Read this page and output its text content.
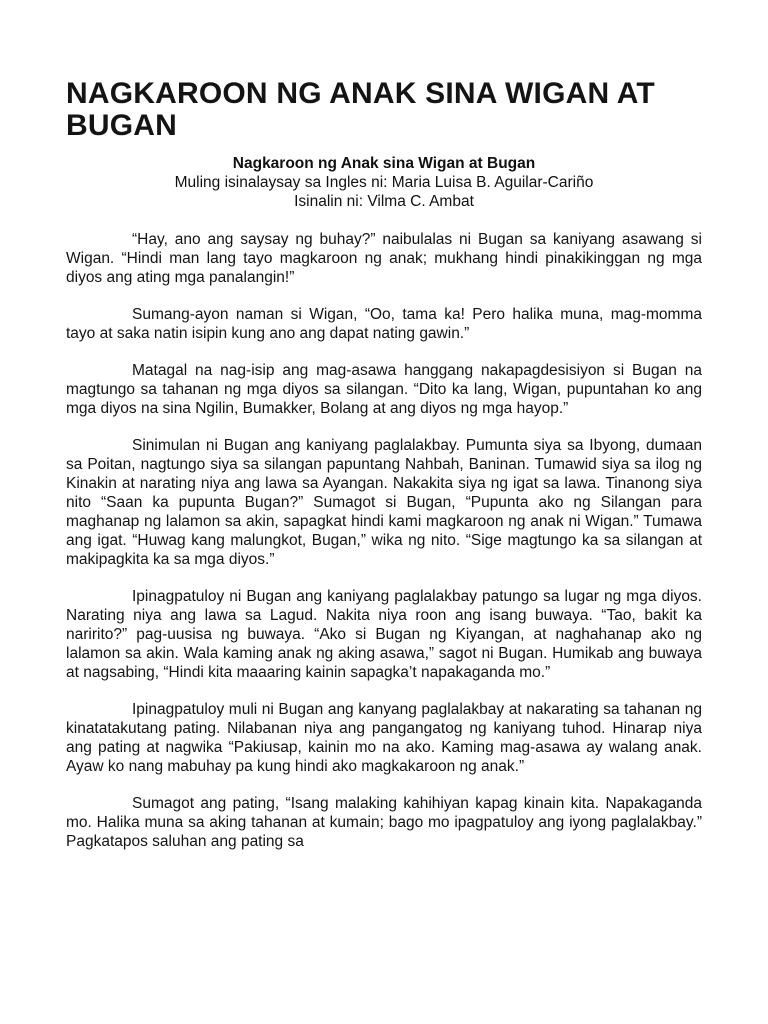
NAGKAROON NG ANAK SINA WIGAN AT BUGAN
Nagkaroon ng Anak sina Wigan at Bugan
Muling isinalaysay sa Ingles ni: Maria Luisa B. Aguilar-Cariño
Isinalin ni: Vilma C. Ambat

“Hay, ano ang saysay ng buhay?” naibulalas ni Bugan sa kaniyang asawang si Wigan. “Hindi man lang tayo magkaroon ng anak; mukhang hindi pinakikinggan ng mga diyos ang ating mga panalangin!”

Sumang-ayon naman si Wigan, “Oo, tama ka! Pero halika muna, mag-momma tayo at saka natin isipin kung ano ang dapat nating gawin.”

Matagal na nag-isip ang mag-asawa hanggang nakapagdesisiyon si Bugan na magtungo sa tahanan ng mga diyos sa silangan. “Dito ka lang, Wigan, pupuntahan ko ang mga diyos na sina Ngilin, Bumakker, Bolang at ang diyos ng mga hayop.”

Sinimulan ni Bugan ang kaniyang paglalakbay. Pumunta siya sa Ibyong, dumaan sa Poitan, nagtungo siya sa silangan papuntang Nahbah, Baninan. Tumawid siya sa ilog ng Kinakin at narating niya ang lawa sa Ayangan. Nakakita siya ng igat sa lawa. Tinanong siya nito “Saan ka pupunta Bugan?” Sumagot si Bugan, “Pupunta ako ng Silangan para maghanap ng lalamon sa akin, sapagkat hindi kami magkaroon ng anak ni Wigan.” Tumawa ang igat. “Huwag kang malungkot, Bugan,” wika ng nito. “Sige magtungo ka sa silangan at makipagkita ka sa mga diyos.”

Ipinagpatuloy ni Bugan ang kaniyang paglalakbay patungo sa lugar ng mga diyos. Narating niya ang lawa sa Lagud. Nakita niya roon ang isang buwaya. “Tao, bakit ka naririto?” pag-uusisa ng buwaya. “Ako si Bugan ng Kiyangan, at naghahanap ako ng lalamon sa akin. Wala kaming anak ng aking asawa,” sagot ni Bugan. Humikab ang buwaya at nagsabing, “Hindi kita maaaring kainin sapagka’t napakaganda mo.”

Ipinagpatuloy muli ni Bugan ang kanyang paglalakbay at nakarating sa tahanan ng kinatatakutang pating. Nilabanan niya ang pangangatog ng kaniyang tuhod. Hinarap niya ang pating at nagwika “Pakiusap, kainin mo na ako. Kaming mag-asawa ay walang anak. Ayaw ko nang mabuhay pa kung hindi ako magkakaroon ng anak.”

Sumagot ang pating, “Isang malaking kahihiyan kapag kinain kita. Napakaganda mo. Halika muna sa aking tahanan at kumain; bago mo ipagpatuloy ang iyong paglalakbay.” Pagkatapos saluhan ang pating sa
